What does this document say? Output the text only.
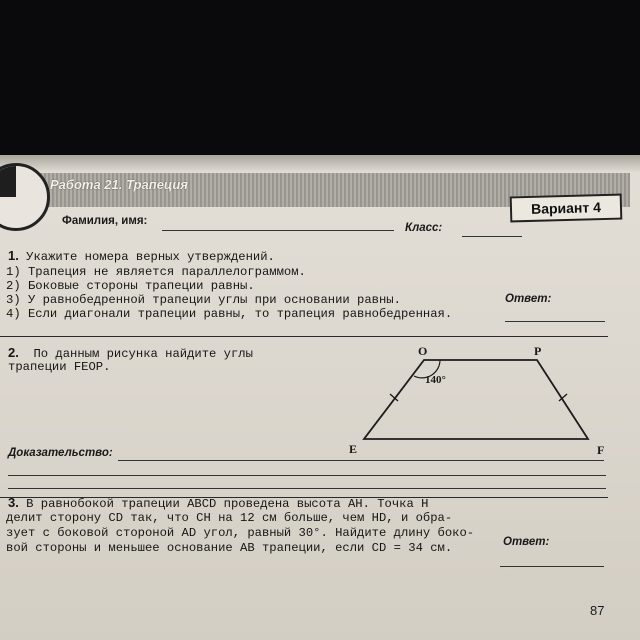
Работа 21. Трапеция
Вариант 4
Фамилия, имя:
Класс:
1. Укажите номера верных утверждений.
1) Трапеция не является параллелограммом.
2) Боковые стороны трапеции равны.
3) У равнобедренной трапеции углы при основании равны.
4) Если диагонали трапеции равны, то трапеция равнобедренная.
Ответ:
2. По данным рисунка найдите углы
трапеции FEOP.
O	P
E	F
140°
Доказательство:
3. В равнобокой трапеции ABCD проведена высота AH. Точка H
делит сторону CD так, что CH на 12 см больше, чем HD, и обра-
зует с боковой стороной AD угол, равный 30°. Найдите длину боко-
вой стороны и меньшее основание AB трапеции, если CD = 34 см.	Ответ:
87
